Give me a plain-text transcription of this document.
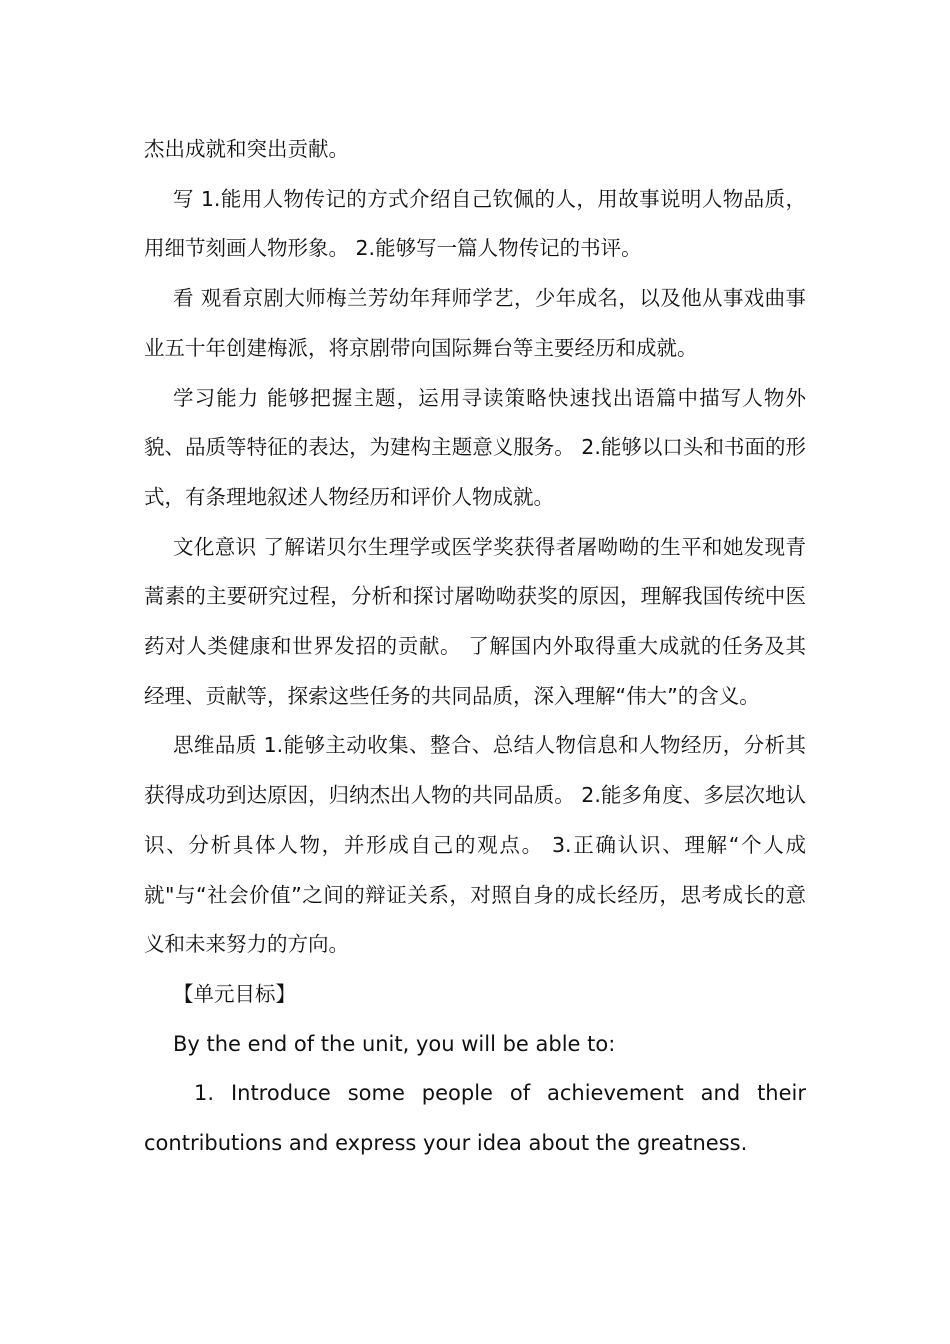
杰出成就和突出贡献。

写 1.能用人物传记的方式介绍自己钦佩的人，用故事说明人物品质，用细节刻画人物形象。 2.能够写一篇人物传记的书评。

看 观看京剧大师梅兰芳幼年拜师学艺，少年成名，以及他从事戏曲事业五十年创建梅派，将京剧带向国际舞台等主要经历和成就。

学习能力 能够把握主题，运用寻读策略快速找出语篇中描写人物外貌、品质等特征的表达，为建构主题意义服务。 2.能够以口头和书面的形式，有条理地叙述人物经历和评价人物成就。

文化意识 了解诺贝尔生理学或医学奖获得者屠呦呦的生平和她发现青蒿素的主要研究过程，分析和探讨屠呦呦获奖的原因，理解我国传统中医药对人类健康和世界发招的贡献。 了解国内外取得重大成就的任务及其经理、贡献等，探索这些任务的共同品质，深入理解“伟大”的含义。

思维品质 1.能够主动收集、整合、总结人物信息和人物经历，分析其获得成功到达原因，归纳杰出人物的共同品质。 2.能多角度、多层次地认识、分析具体人物，并形成自己的观点。 3.正确认识、理解“个人成就"与“社会价值”之间的辩证关系，对照自身的成长经历，思考成长的意义和未来努力的方向。

【单元目标】

By the end of the unit, you will be able to:

1. Introduce some people of achievement and their contributions and express your idea about the greatness.
